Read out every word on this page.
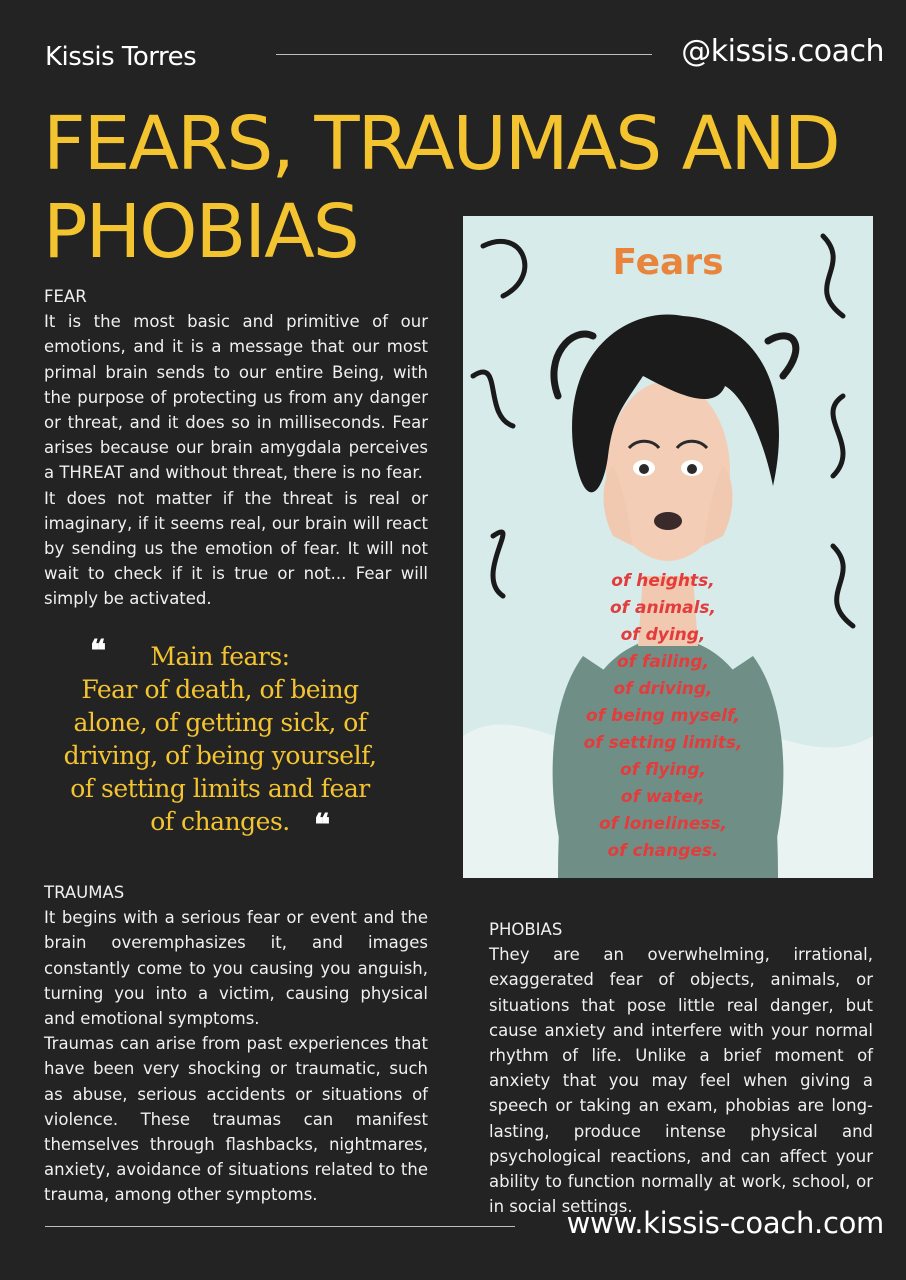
Kissis Torres	@kissis.coach
FEARS, TRAUMAS AND PHOBIAS
FEAR

It is the most basic and primitive of our emotions, and it is a message that our most primal brain sends to our entire Being, with the purpose of protecting us from any danger or threat, and it does so in milliseconds. Fear arises because our brain amygdala perceives a THREAT and without threat, there is no fear.

It does not matter if the threat is real or imaginary, if it seems real, our brain will react by sending us the emotion of fear. It will not wait to check if it is true or not... Fear will simply be activated.

❝	Main fears:
Fear of death, of being
alone, of getting sick, of
driving, of being yourself,
of setting limits and fear
of changes. ❝
Fears
of heights,
of animals,
of dying,
of failing,
of driving,
of being myself,
of setting limits,
of flying,
of water,
of loneliness,
of changes.
TRAUMAS

It begins with a serious fear or event and the brain overemphasizes it, and images constantly come to you causing you anguish, turning you into a victim, causing physical and emotional symptoms.

Traumas can arise from past experiences that have been very shocking or traumatic, such as abuse, serious accidents or situations of violence. These traumas can manifest themselves through flashbacks, nightmares, anxiety, avoidance of situations related to the trauma, among other symptoms.

PHOBIAS

They are an overwhelming, irrational, exaggerated fear of objects, animals, or situations that pose little real danger, but cause anxiety and interfere with your normal rhythm of life. Unlike a brief moment of anxiety that you may feel when giving a speech or taking an exam, phobias are long-lasting, produce intense physical and psychological reactions, and can affect your ability to function normally at work, school, or in social settings.

www.kissis-coach.com
